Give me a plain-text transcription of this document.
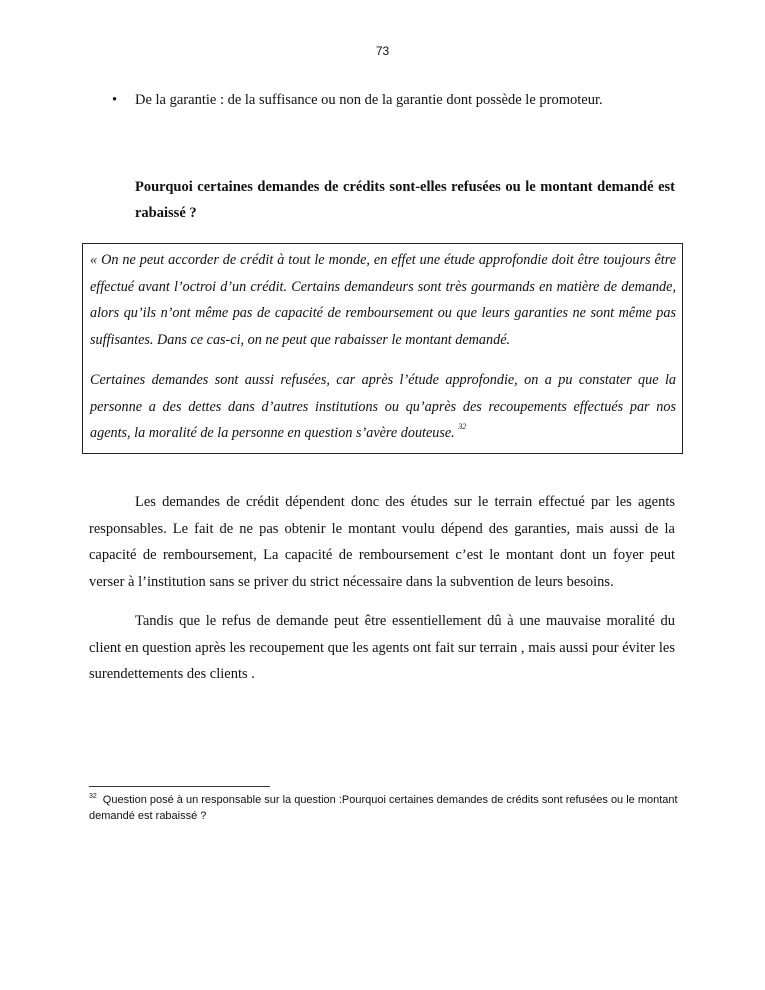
73
• De la garantie : de la suffisance ou non de la garantie dont possède le promoteur.
Pourquoi certaines demandes de crédits sont-elles refusées ou le montant demandé est rabaissé ?

« On ne peut accorder de crédit à tout le monde, en effet une étude approfondie doit être toujours être effectué avant l’octroi d’un crédit. Certains demandeurs sont très gourmands en matière de demande, alors qu’ils n’ont même pas de capacité de remboursement ou que leurs garanties ne sont même pas suffisantes. Dans ce cas-ci, on ne peut que rabaisser le montant demandé.

Certaines demandes sont aussi refusées, car après l’étude approfondie, on a pu constater que la personne a des dettes dans d’autres institutions ou qu’après des recoupements effectués par nos agents, la moralité de la personne en question s’avère douteuse. $^{32}$

Les demandes de crédit dépendent donc des études sur le terrain effectué par les agents responsables. Le fait de ne pas obtenir le montant voulu dépend des garanties, mais aussi de la capacité de remboursement, La capacité de remboursement c’est le montant dont un foyer peut verser à l’institution sans se priver du strict nécessaire dans la subvention de leurs besoins.

Tandis que le refus de demande peut être essentiellement dû à une mauvaise moralité du client en question après les recoupement que les agents ont fait sur terrain , mais aussi pour éviter les surendettements des clients .

$^{32}$ Question posé à un responsable sur la question :Pourquoi certaines demandes de crédits sont refusées ou le montant demandé est rabaissé ?
